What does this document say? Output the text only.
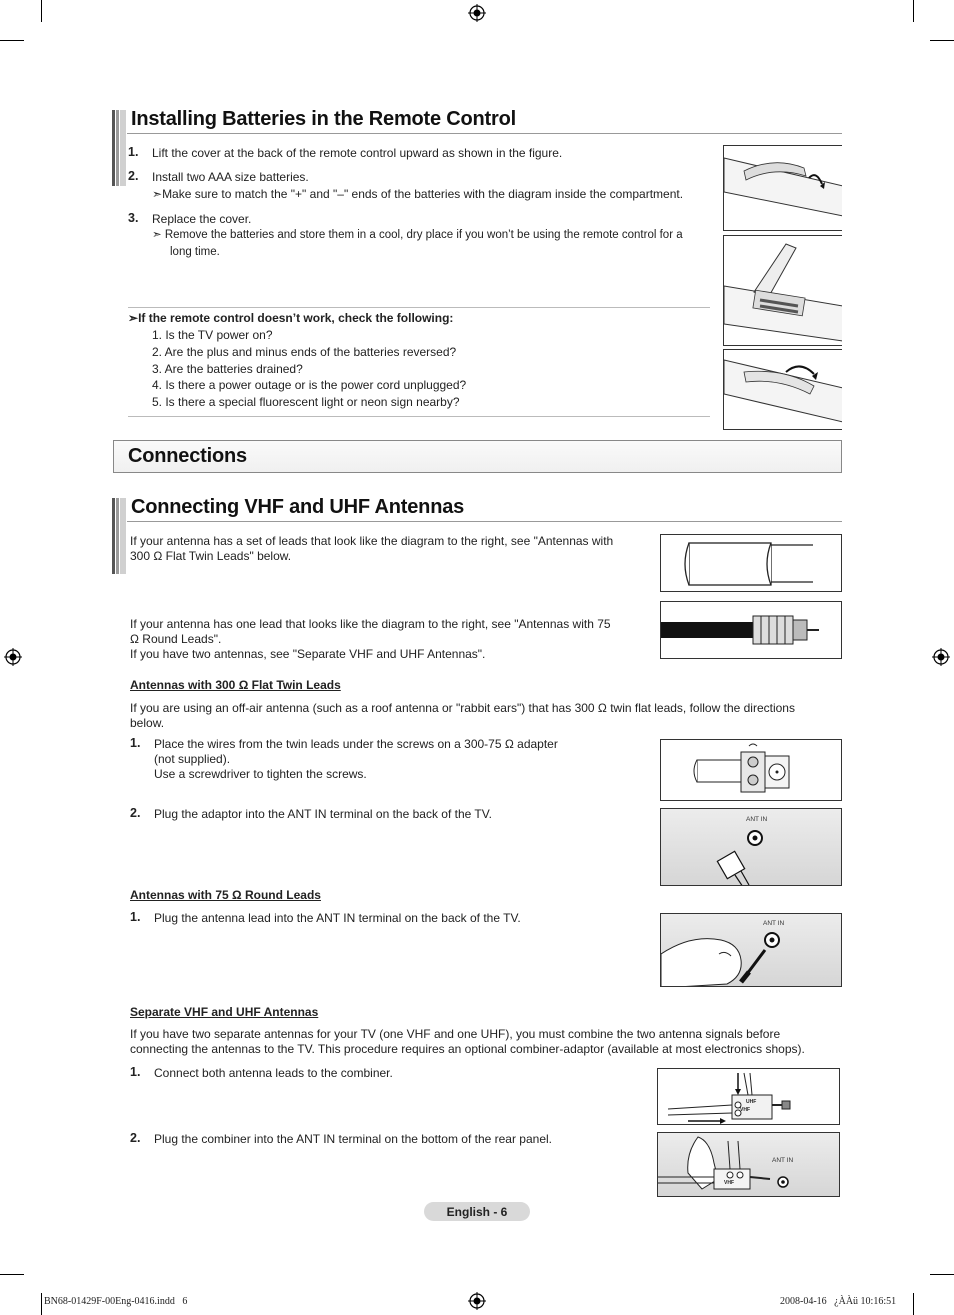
Installing Batteries in the Remote Control
1. Lift the cover at the back of the remote control upward as shown in the figure.
2. Install two AAA size batteries.
➣Make sure to match the "+" and "–" ends of the batteries with the diagram inside the compartment.
3. Replace the cover.
➣ Remove the batteries and store them in a cool, dry place if you won’t be using the remote control for a
long time.
➣If the remote control doesn’t work, check the following:
1. Is the TV power on?
2. Are the plus and minus ends of the batteries reversed?
3. Are the batteries drained?
4. Is there a power outage or is the power cord unplugged?
5. Is there a special fluorescent light or neon sign nearby?
Connections
Connecting VHF and UHF Antennas
If your antenna has a set of leads that look like the diagram to the right, see "Antennas with
300 Ω Flat Twin Leads" below.
If your antenna has one lead that looks like the diagram to the right, see "Antennas with 75
Ω Round Leads".
If you have two antennas, see "Separate VHF and UHF Antennas".
Antennas with 300 Ω Flat Twin Leads
If you are using an off-air antenna (such as a roof antenna or "rabbit ears") that has 300 Ω twin flat leads, follow the directions
below.
1. Place the wires from the twin leads under the screws on a 300-75 Ω adapter
(not supplied).
Use a screwdriver to tighten the screws.
2. Plug the adaptor into the ANT IN terminal on the back of the TV.	ANT IN
Antennas with 75 Ω Round Leads
1. Plug the antenna lead into the ANT IN terminal on the back of the TV.	ANT IN
Separate VHF and UHF Antennas
If you have two separate antennas for your TV (one VHF and one UHF), you must combine the two antenna signals before
connecting the antennas to the TV. This procedure requires an optional combiner-adaptor (available at most electronics shops).
1. Connect both antenna leads to the combiner.
UHF
VHF
2. Plug the combiner into the ANT IN terminal on the bottom of the rear panel.
ANT IN
VHF
English - 6
BN68-01429F-00Eng-0416.indd   6	2008-04-16   ¿ÀÀü 10:16:51
